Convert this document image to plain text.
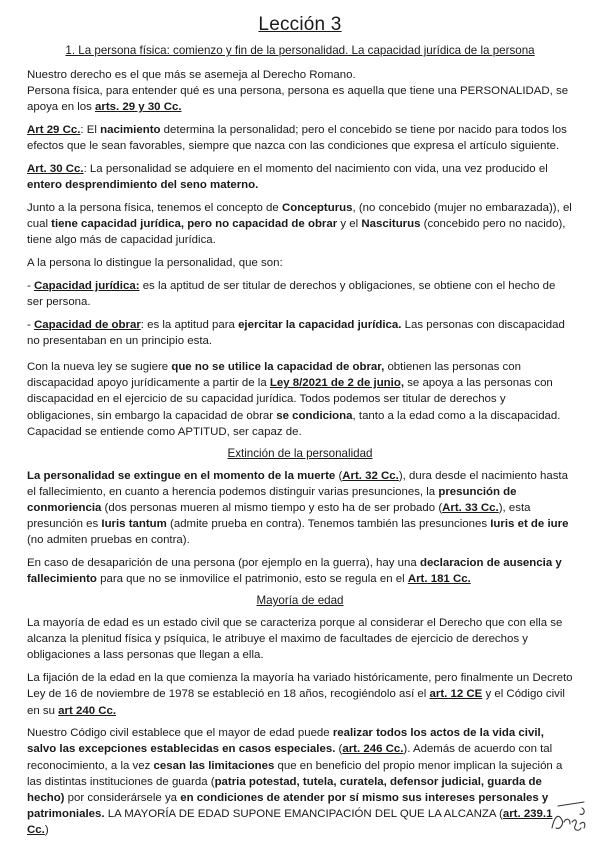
Lección 3
1. La persona física: comienzo y fin de la personalidad. La capacidad jurídica de la persona

Nuestro derecho es el que más se asemeja al Derecho Romano.
Persona física, para entender qué es una persona, persona es aquella que tiene una PERSONALIDAD, se apoya en los arts. 29 y 30 Cc.

Art 29 Cc.: El nacimiento determina la personalidad; pero el concebido se tiene por nacido para todos los efectos que le sean favorables, siempre que nazca con las condiciones que expresa el artículo siguiente.

Art. 30 Cc.: La personalidad se adquiere en el momento del nacimiento con vida, una vez producido el entero desprendimiento del seno materno.

Junto a la persona física, tenemos el concepto de Concepturus, (no concebido (mujer no embarazada)), el cual tiene capacidad jurídica, pero no capacidad de obrar y el Nasciturus (concebido pero no nacido), tiene algo más de capacidad jurídica.

A la persona lo distingue la personalidad, que son:

- Capacidad jurídica: es la aptitud de ser titular de derechos y obligaciones, se obtiene con el hecho de ser persona.

- Capacidad de obrar: es la aptitud para ejercitar la capacidad jurídica. Las personas con discapacidad no presentaban en un principio esta.

Con la nueva ley se sugiere que no se utilice la capacidad de obrar, obtienen las personas con discapacidad apoyo jurídicamente a partir de la Ley 8/2021 de 2 de junio, se apoya a las personas con discapacidad en el ejercicio de su capacidad jurídica. Todos podemos ser titular de derechos y obligaciones, sin embargo la capacidad de obrar se condiciona, tanto a la edad como a la discapacidad. Capacidad se entiende como APTITUD, ser capaz de.

Extinción de la personalidad

La personalidad se extingue en el momento de la muerte (Art. 32 Cc.), dura desde el nacimiento hasta el fallecimiento, en cuanto a herencia podemos distinguir varias presunciones, la presunción de conmoriencia (dos personas mueren al mismo tiempo y esto ha de ser probado (Art. 33 Cc.), esta presunción es Iuris tantum (admite prueba en contra). Tenemos también las presunciones Iuris et de iure (no admiten pruebas en contra).

En caso de desaparición de una persona (por ejemplo en la guerra), hay una declaracion de ausencia y fallecimiento para que no se inmovilice el patrimonio, esto se regula en el Art. 181 Cc.

Mayoría de edad

La mayoría de edad es un estado civil que se caracteriza porque al considerar el Derecho que con ella se alcanza la plenitud física y psíquica, le atribuye el maximo de facultades de ejercicio de derechos y obligaciones a lass personas que llegan a ella.

La fijación de la edad en la que comienza la mayoría ha variado históricamente, pero finalmente un Decreto Ley de 16 de noviembre de 1978 se estableció en 18 años, recogiéndolo así el art. 12 CE y el Código civil en su art 240 Cc.

Nuestro Código civil establece que el mayor de edad puede realizar todos los actos de la vida civil, salvo las excepciones establecidas en casos especiales. (art. 246 Cc.). Además de acuerdo con tal reconocimiento, a la vez cesan las limitaciones que en beneficio del propio menor implican la sujeción a las distintas instituciones de guarda (patria potestad, tutela, curatela, defensor judicial, guarda de hecho) por considerársele ya en condiciones de atender por sí mismo sus intereses personales y patrimoniales. LA MAYORÍA DE EDAD SUPONE EMANCIPACIÓN DEL QUE LA ALCANZA (art. 239.1 Cc.)
